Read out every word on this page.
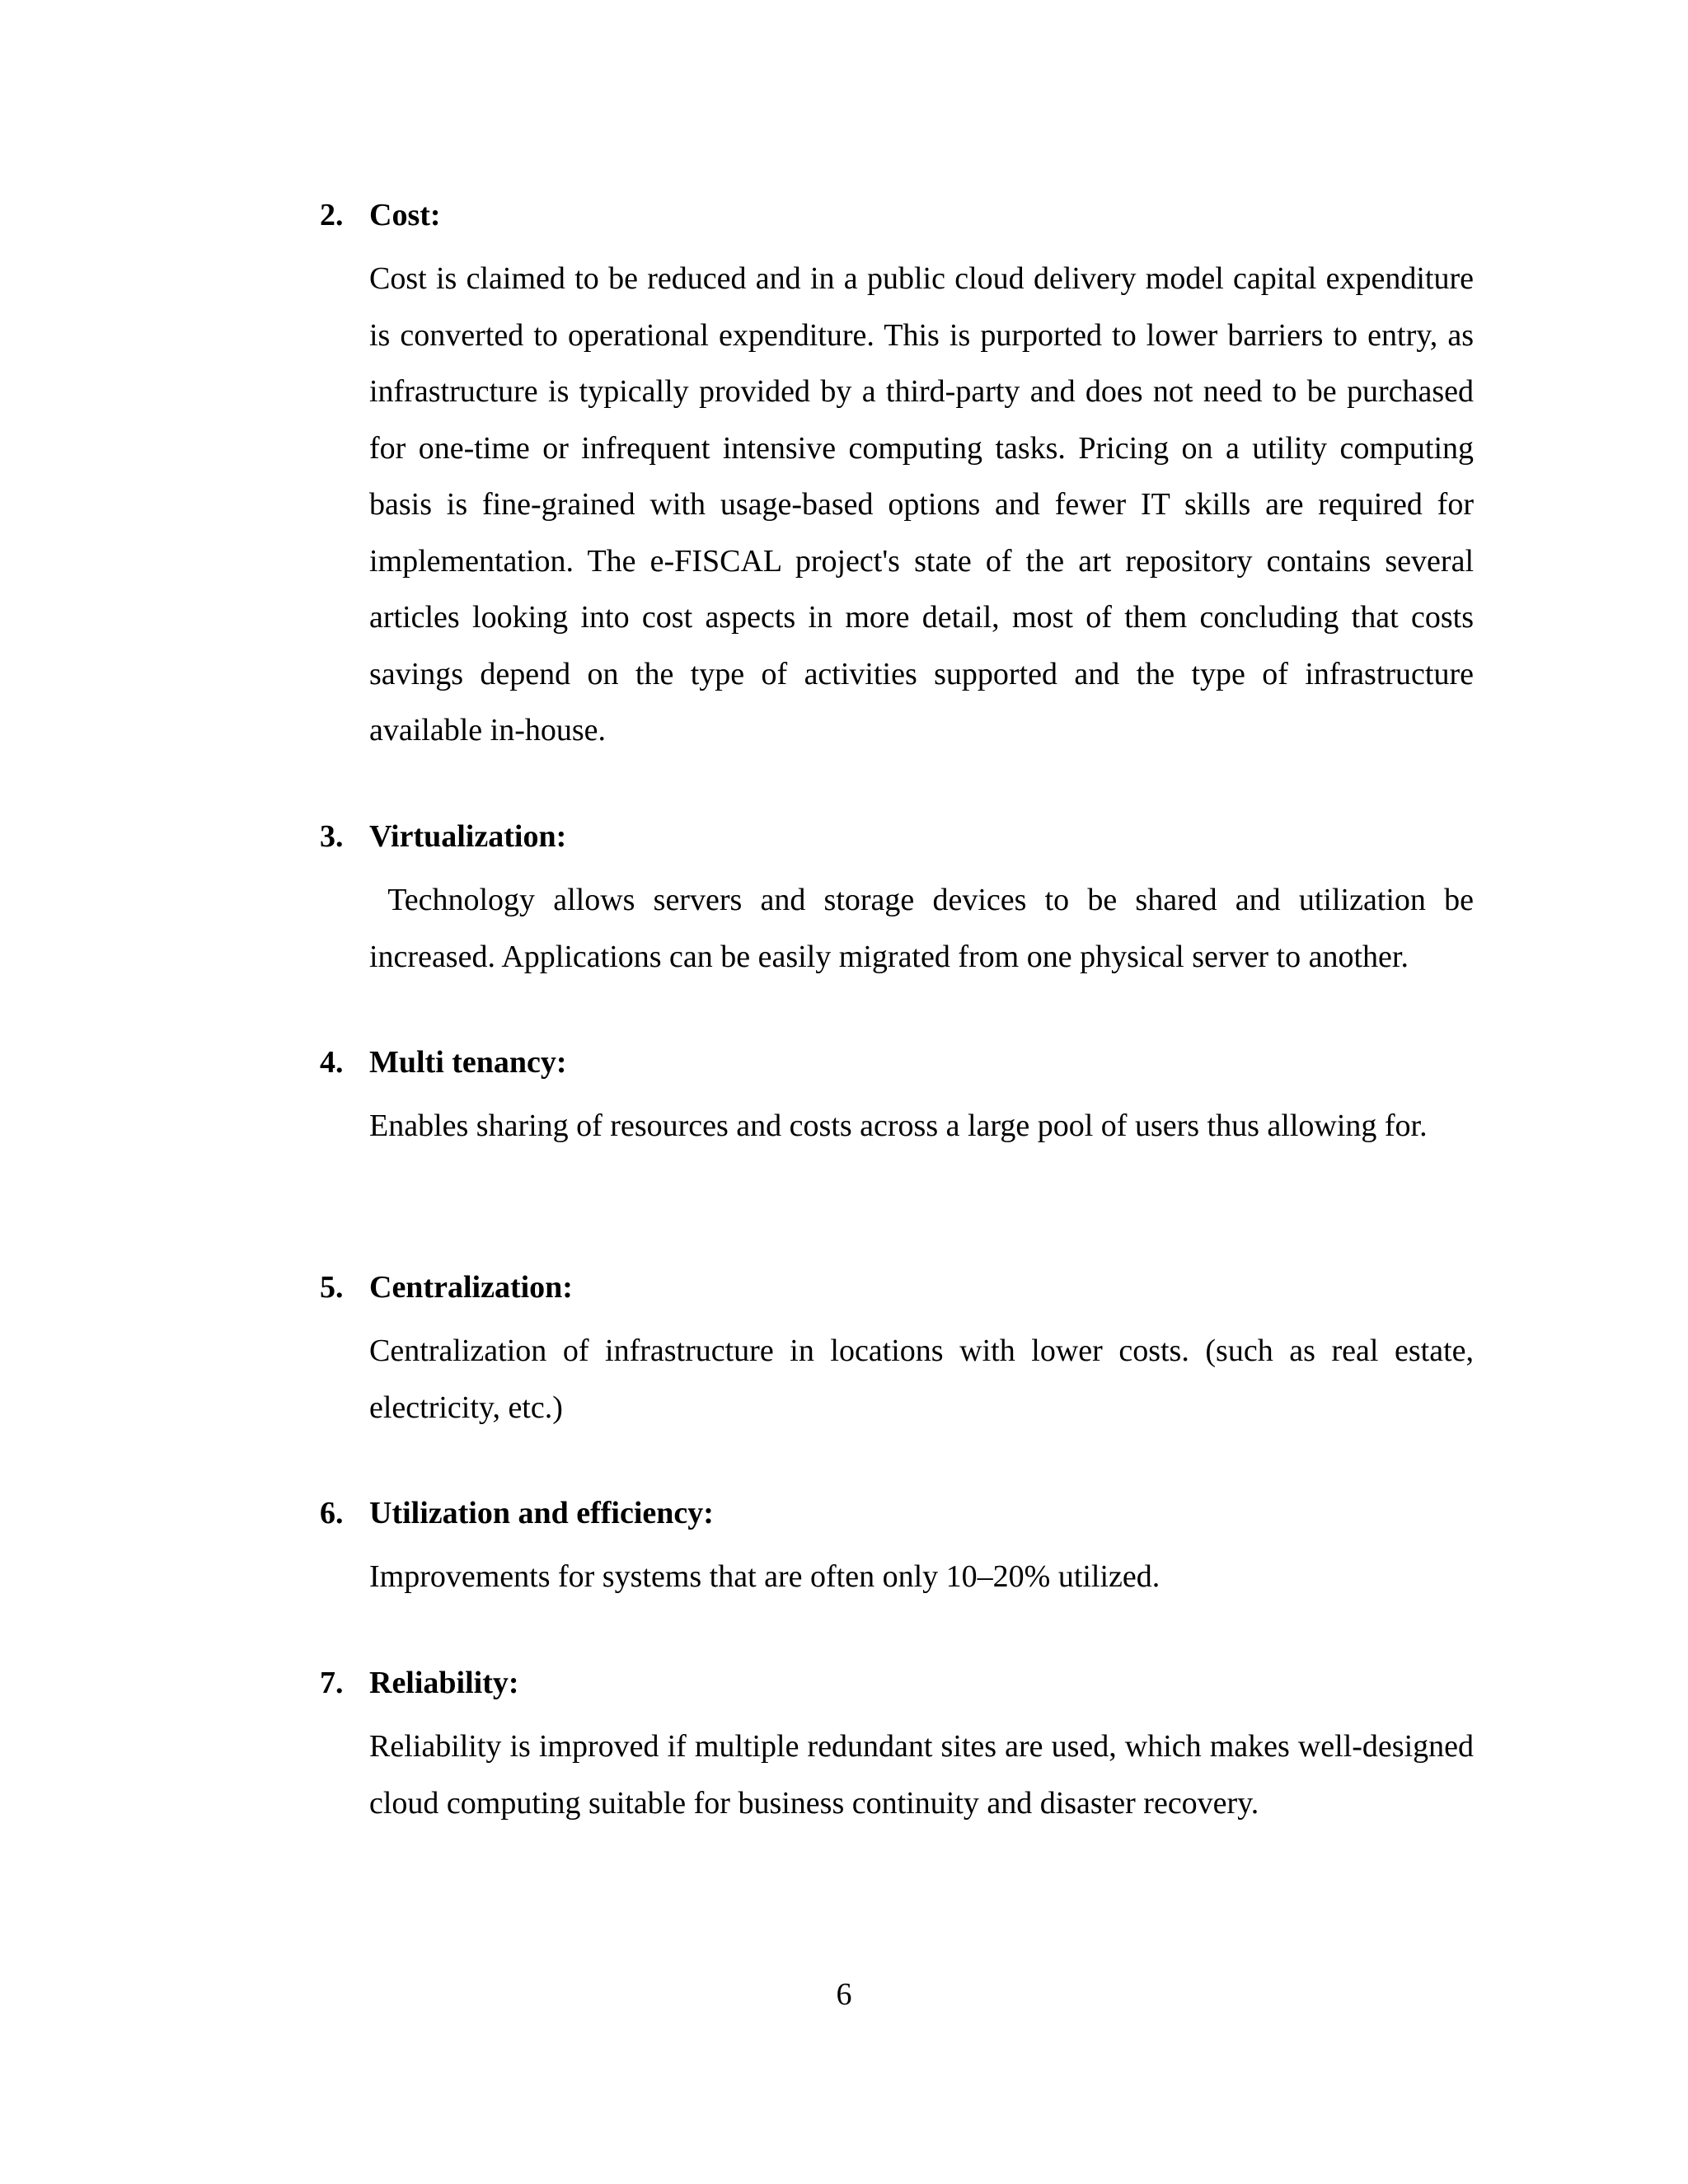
2. Cost:
Cost is claimed to be reduced and in a public cloud delivery model capital expenditure is converted to operational expenditure. This is purported to lower barriers to entry, as infrastructure is typically provided by a third-party and does not need to be purchased for one-time or infrequent intensive computing tasks. Pricing on a utility computing basis is fine-grained with usage-based options and fewer IT skills are required for implementation. The e-FISCAL project's state of the art repository contains several articles looking into cost aspects in more detail, most of them concluding that costs savings depend on the type of activities supported and the type of infrastructure available in-house.
3. Virtualization:
Technology allows servers and storage devices to be shared and utilization be increased. Applications can be easily migrated from one physical server to another.
4. Multi tenancy:
Enables sharing of resources and costs across a large pool of users thus allowing for.
5. Centralization:
Centralization of infrastructure in locations with lower costs. (such as real estate, electricity, etc.)
6. Utilization and efficiency:
Improvements for systems that are often only 10–20% utilized.
7. Reliability:
Reliability is improved if multiple redundant sites are used, which makes well-designed cloud computing suitable for business continuity and disaster recovery.
6
